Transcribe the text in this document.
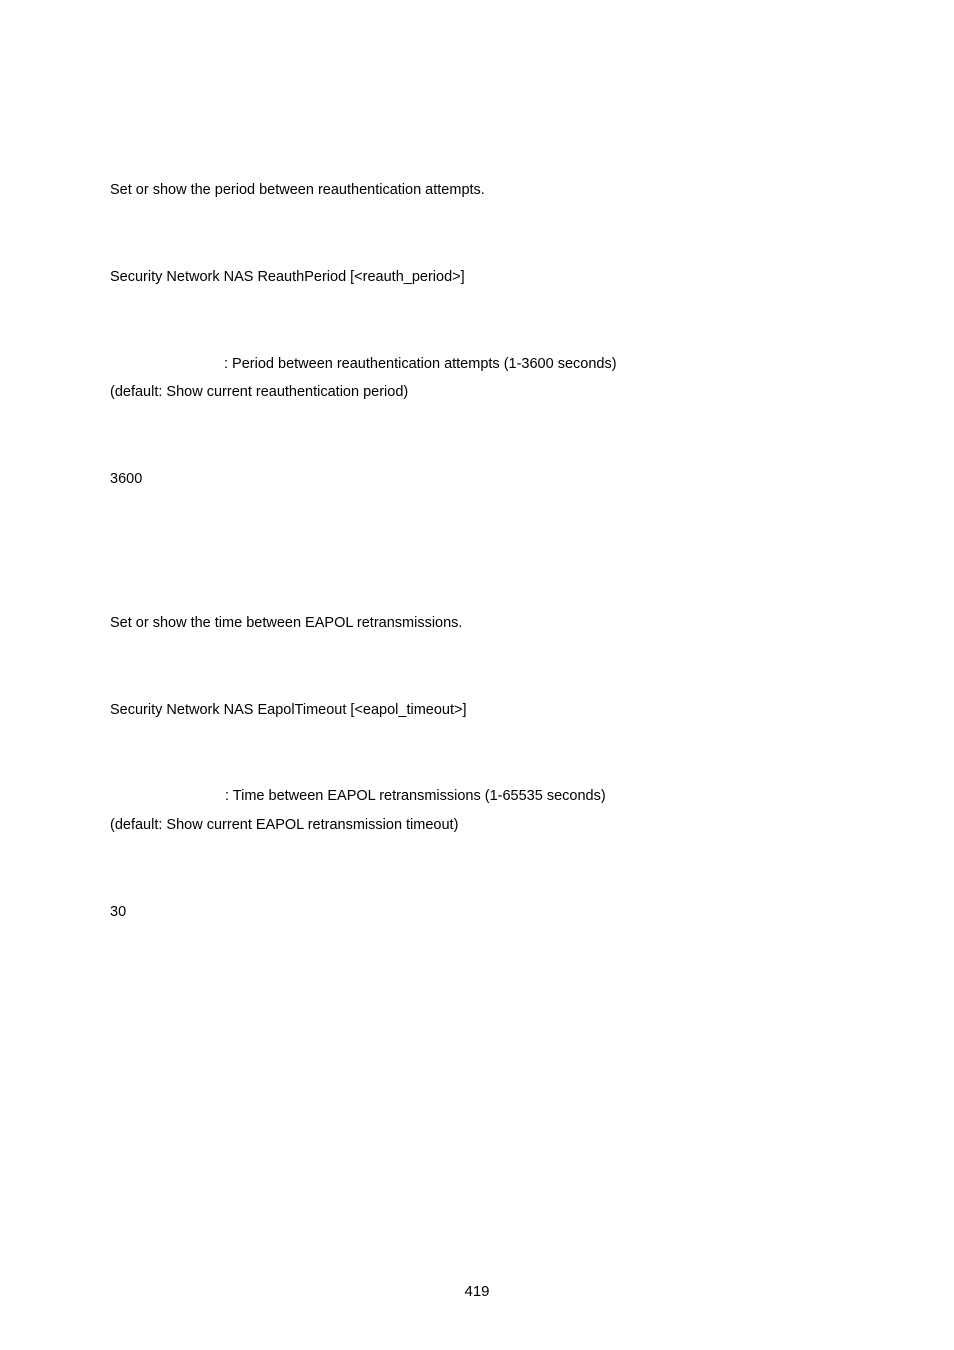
Set or show the period between reauthentication attempts.
Security Network NAS ReauthPeriod [<reauth_period>]
: Period between reauthentication attempts (1-3600 seconds)
(default: Show current reauthentication period)
3600
Set or show the time between EAPOL retransmissions.
Security Network NAS EapolTimeout [<eapol_timeout>]
: Time between EAPOL retransmissions (1-65535 seconds)
(default: Show current EAPOL retransmission timeout)
30
419
